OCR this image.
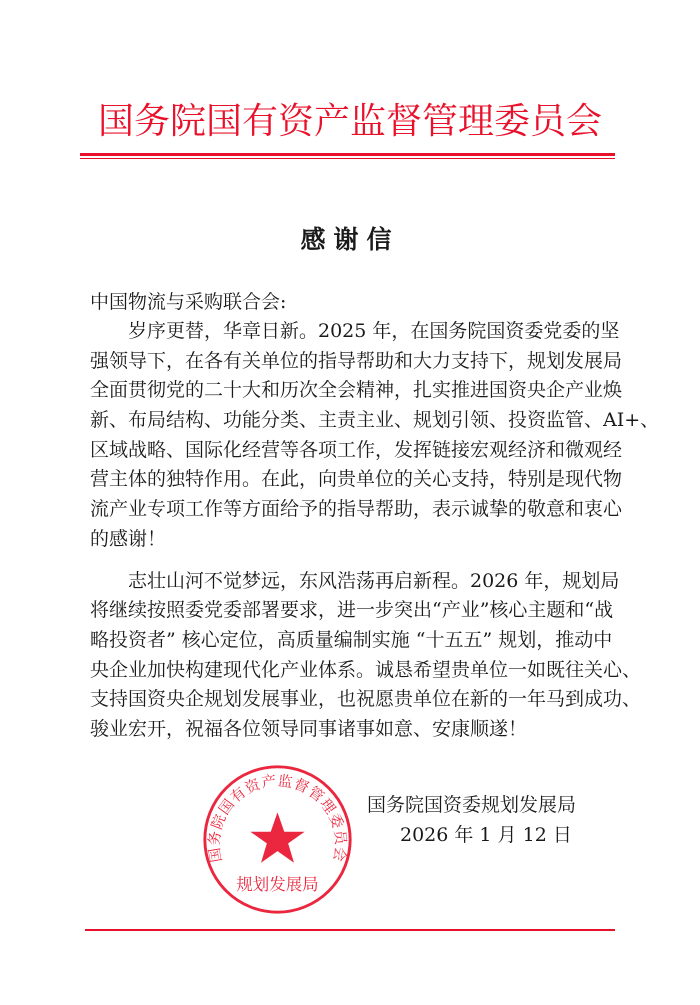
国务院国有资产监督管理委员会
感谢信
中国物流与采购联合会:
岁序更替，华章日新。2025 年，在国务院国资委党委的坚
强领导下，在各有关单位的指导帮助和大力支持下，规划发展局
全面贯彻党的二十大和历次全会精神，扎实推进国资央企产业焕
新、布局结构、功能分类、主责主业、规划引领、投资监管、AI+、
区域战略、国际化经营等各项工作，发挥链接宏观经济和微观经
营主体的独特作用。在此，向贵单位的关心支持，特别是现代物
流产业专项工作等方面给予的指导帮助，表示诚挚的敬意和衷心
的感谢！
志壮山河不觉梦远，东风浩荡再启新程。2026 年，规划局
将继续按照委党委部署要求，进一步突出“产业”核心主题和“战
略投资者” 核心定位，高质量编制实施 “十五五” 规划，推动中
央企业加快构建现代化产业体系。诚恳希望贵单位一如既往关心、
支持国资央企规划发展事业，也祝愿贵单位在新的一年马到成功、
骏业宏开，祝福各位领导同事诸事如意、安康顺遂！
国务院国有资产监督管理委员会
规划发展局
国务院国资委规划发展局
2026 年 1 月 12 日
